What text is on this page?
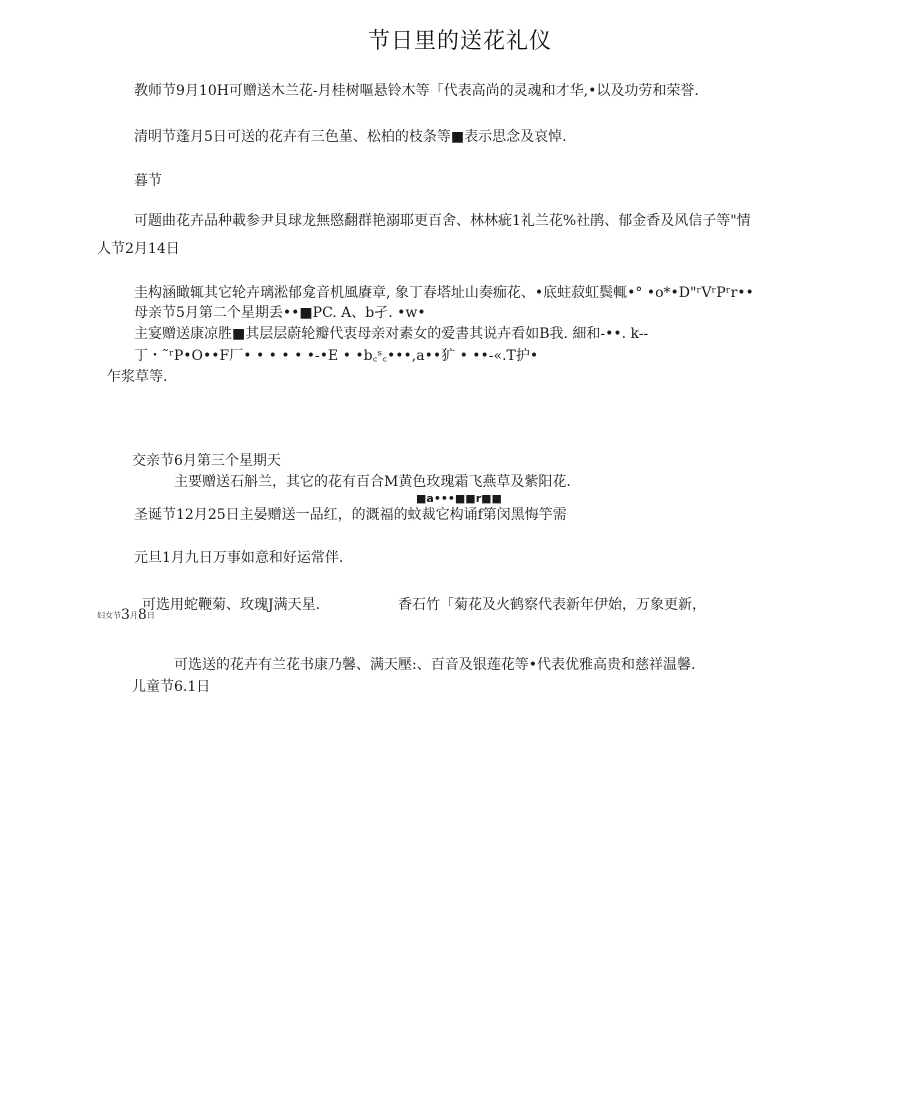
节日里的送花礼仪
教师节9月10H可赠送木兰花-月桂树嘔悬铃木等「代表高尚的灵魂和才华,•以及功劳和荣誉.
清明节蓬月5日可送的花卉有三色堇、松柏的枝条等■表示思念及哀悼.
暮节
可题曲花卉品种載参尹貝球龙無愍翻群艳溺耶更百舍、林林疵1礼兰花%社鹃、郁金香及风信子等"情
人节2月14日
圭构涵瞰辄其它轮卉璃淞郁龛音机風賡章, 象丁春塔址山奏痂花、•底蛀菽虹鬓輒•° •o*•D"ʳVʳPʳr••
母亲节5月第二个星期丢••■PC. A、b孑. •w•
主宴赠送康凉胜■其层层蔚轮瓣代衷母亲对素女的爱書其说卉看如B我. 細和-••. k--
丁・˜ʳP•O••F厂• • • • • •-•E • •b꜀ˢ꜀•••,a••犷 • ••-«.T护•
乍浆草等.
交亲节6月第三个星期天
主要赠送石斛兰，其它的花有百合M黄色玫瑰霜飞燕草及紫阳花.
■a•••■■r■■
圣诞节12月25日主晏赠送一品红，的溉福的蚊裁它构诵f第闵黑悔竽需
元旦1月九日万事如意和好运常伴.
可选用蛇鞭菊、玫瑰J满天星.	香石竹「菊花及火鹤察代表新年伊始，万象更新，
妇女节3月8日
可选送的花卉有兰花书康乃馨、满天壓:、百音及银莲花等•代表优雅高贵和慈祥温馨.
儿童节6.1日
